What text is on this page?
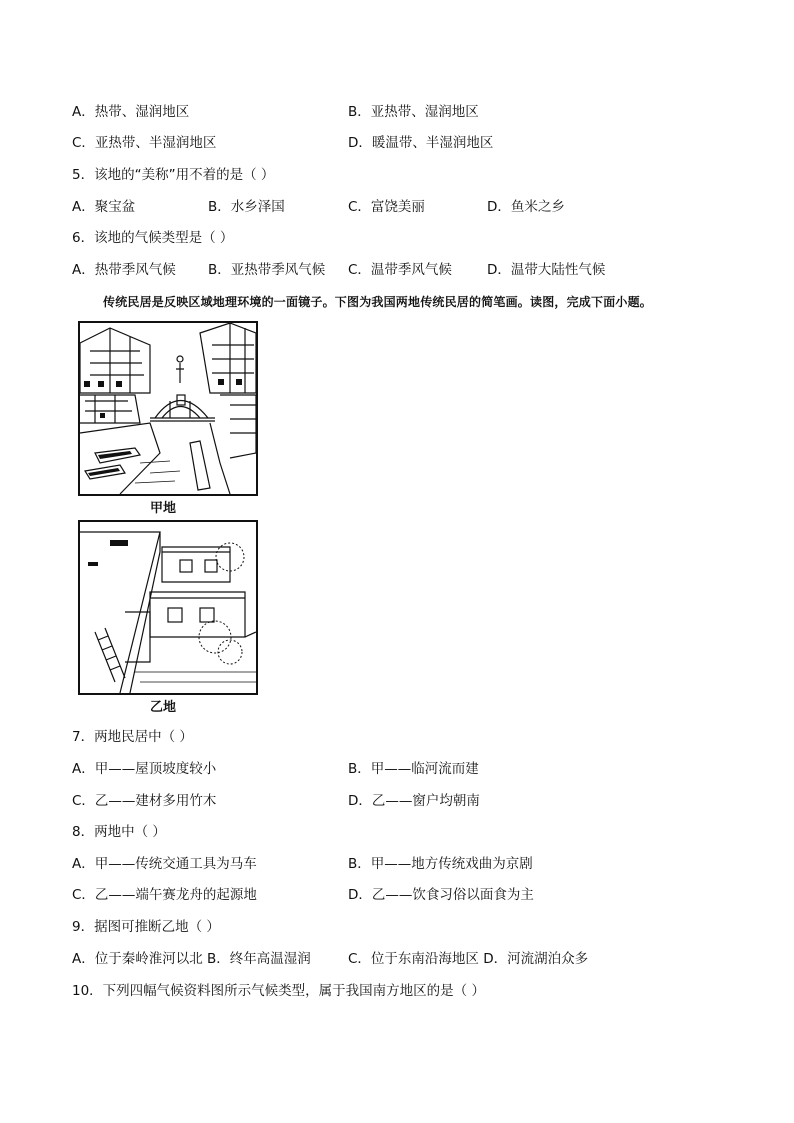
A．热带、湿润地区	B．亚热带、湿润地区
C．亚热带、半湿润地区	D．暖温带、半湿润地区
5．该地的“美称”用不着的是（ ）
A．聚宝盆	B．水乡泽国	C．富饶美丽	D．鱼米之乡
6．该地的气候类型是（ ）
A．热带季风气候 B．亚热带季风气候 C．温带季风气候	D．温带大陆性气候
传统民居是反映区域地理环境的一面镜子。下图为我国两地传统民居的简笔画。读图，完成下面小题。
甲地
乙地
7．两地民居中（ ）
A．甲——屋顶坡度较小	B．甲——临河流而建
C．乙——建材多用竹木	D．乙——窗户均朝南
8．两地中（ ）
A．甲——传统交通工具为马车	B．甲——地方传统戏曲为京剧
C．乙——端午赛龙舟的起源地	D．乙——饮食习俗以面食为主
9．据图可推断乙地（ ）
A．位于秦岭淮河以北 B．终年高温湿润	C．位于东南沿海地区 D．河流湖泊众多
10．下列四幅气候资料图所示气候类型，属于我国南方地区的是（ ）
